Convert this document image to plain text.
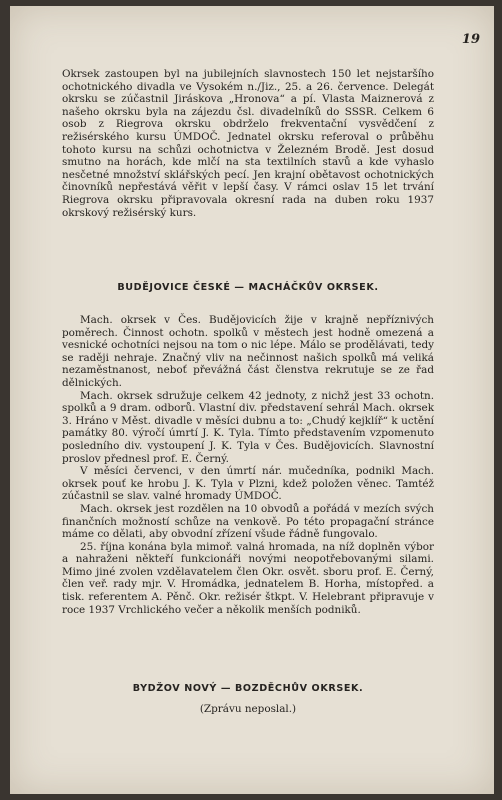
19

Okrsek zastoupen byl na jubilejních slavnostech 150 let nejstaršího ochotnického divadla ve Vysokém n./Jiz., 25. a 26. července. Delegát okrsku se zúčastnil Jiráskova „Hronova“ a pí. Vlasta Maiznerová z našeho okrsku byla na zájezdu čsl. divadelníků do SSSR. Celkem 6 osob z Riegrova okrsku obdrželo frekventační vysvědčení z režisérského kursu ÚMDOČ. Jednatel okrsku referoval o průběhu tohoto kursu na schůzi ochotnictva v Železném Brodě. Jest dosud smutno na horách, kde mlčí na sta textilních stavů a kde vyhaslo nesčetné množství sklářských pecí. Jen krajní obětavost ochotnických činovníků nepřestává věřit v lepší časy. V rámci oslav 15 let trvání Riegrova okrsku připravovala okresní rada na duben roku 1937 okrskový režisérský kurs.

BUDĚJOVICE ČESKÉ — MACHÁČKŮV OKRSEK.

Mach. okrsek v Čes. Budějovicích žije v krajně nepříznivých poměrech. Činnost ochotn. spolků v městech jest hodně omezená a vesnické ochotníci nejsou na tom o nic lépe. Málo se prodělávati, tedy se raději nehraje. Značný vliv na nečinnost našich spolků má veliká nezaměstnanost, neboť převážná část členstva rekrutuje se ze řad dělnických.

Mach. okrsek sdružuje celkem 42 jednoty, z nichž jest 33 ochotn. spolků a 9 dram. odborů. Vlastní div. představení sehrál Mach. okrsek 3. Hráno v Měst. divadle v měsíci dubnu a to: „Chudý kejklíř“ k uctění památky 80. výročí úmrtí J. K. Tyla. Tímto představením vzpomenuto posledního div. vystoupení J. K. Tyla v Čes. Budějovicích. Slavnostní proslov přednesl prof. E. Černý.

V měsíci červenci, v den úmrtí nár. mučedníka, podnikl Mach. okrsek pouť ke hrobu J. K. Tyla v Plzni, kdež položen věnec. Tamtéž zúčastnil se slav. valné hromady ÚMDOČ.

Mach. okrsek jest rozdělen na 10 obvodů a pořádá v mezích svých finančních možností schůze na venkově. Po této propagační stránce máme co dělati, aby obvodní zřízení všude řádně fungovalo.

25. října konána byla mimoř. valná hromada, na níž doplněn výbor a nahraženi někteří funkcionáři novými neopotřebovanými silami. Mimo jiné zvolen vzdělavatelem člen Okr. osvět. sboru prof. E. Černý, člen veř. rady mjr. V. Hromádka, jednatelem B. Horha, místopřed. a tisk. referentem A. Pěnč. Okr. režisér štkpt. V. Helebrant připravuje v roce 1937 Vrchlického večer a několik menších podniků.

BYDŽOV NOVÝ — BOZDĚCHŮV OKRSEK.
(Zprávu neposlal.)
